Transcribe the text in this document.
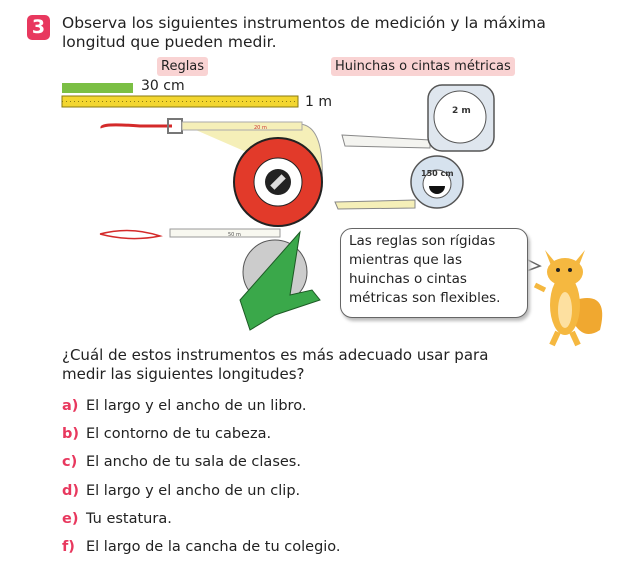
20 m
50 m
2 m
150 cm
3	Observa los siguientes instrumentos de medición y la máxima longitud que pueden medir.
Reglas	Huinchas o cintas métricas
30 cm
1 m
Las reglas son rígidas mientras que las huinchas o cintas métricas son flexibles.
¿Cuál de estos instrumentos es más adecuado usar para medir las siguientes longitudes?
a) El largo y el ancho de un libro.
b) El contorno de tu cabeza.
c) El ancho de tu sala de clases.
d) El largo y el ancho de un clip.
e) Tu estatura.
f) El largo de la cancha de tu colegio.
